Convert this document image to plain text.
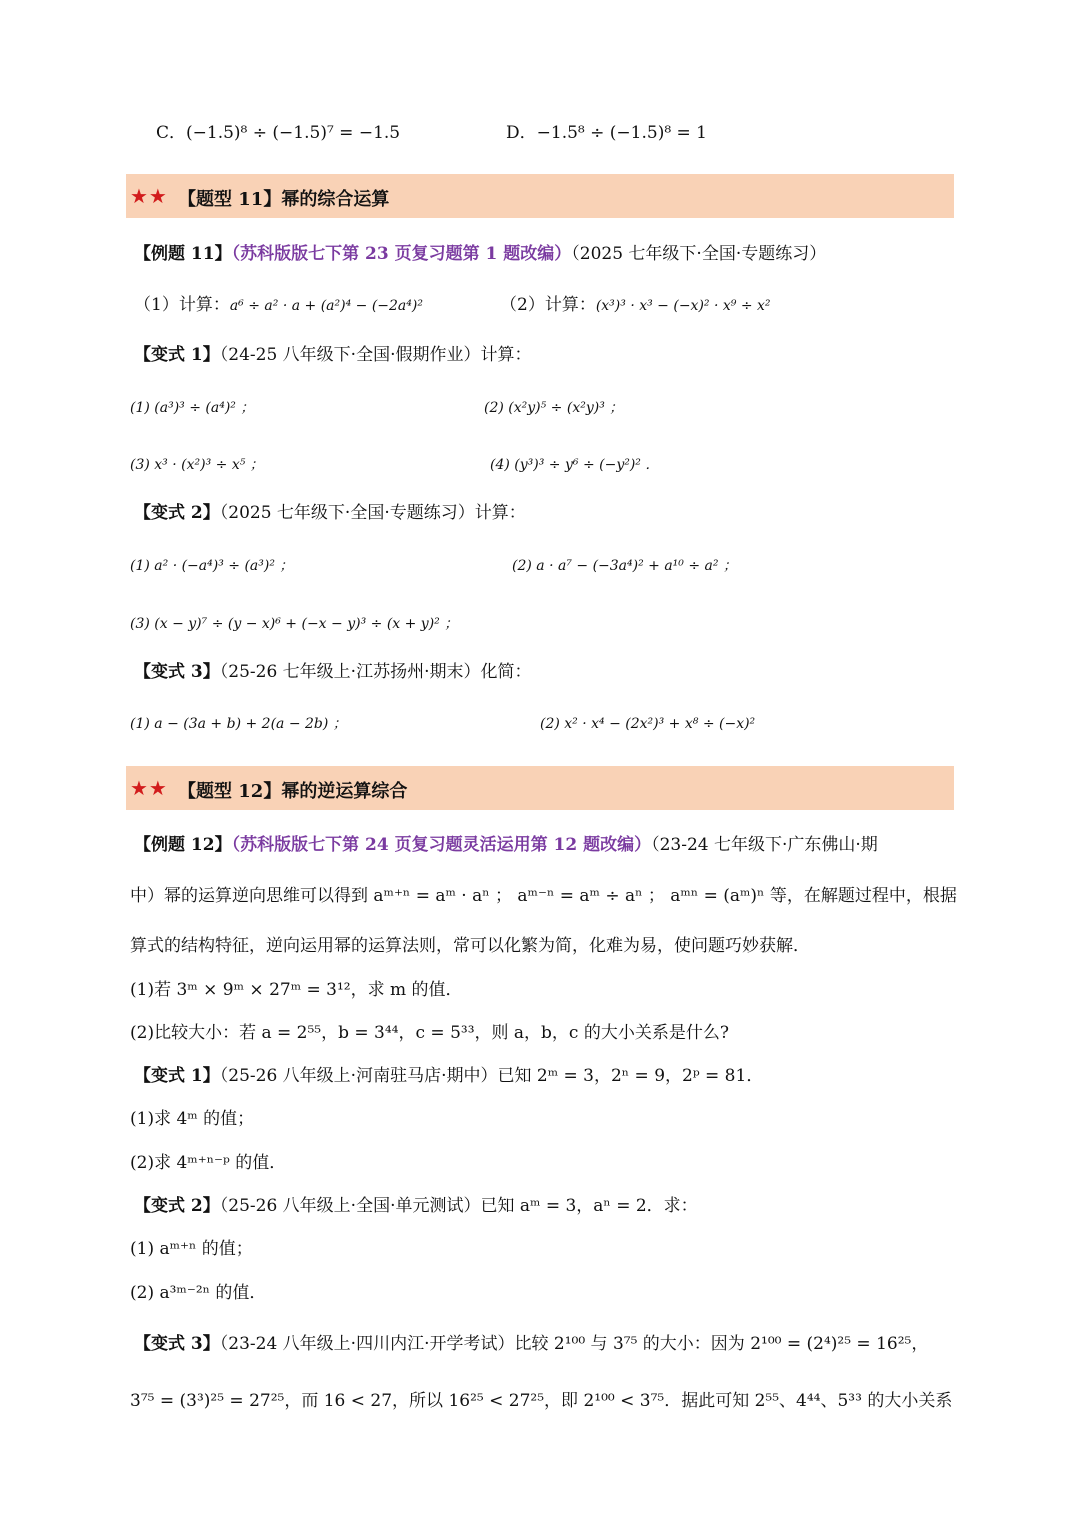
C．(−1.5)⁸ ÷ (−1.5)⁷ = −1.5	D．−1.5⁸ ÷ (−1.5)⁸ = 1
★★ 【题型 11】幂的综合运算
【例题 11】（苏科版版七下第 23 页复习题第 1 题改编）（2025 七年级下·全国·专题练习）
（1）计算：a⁶ ÷ a² · a + (a²)⁴ − (−2a⁴)²	（2）计算：(x³)³ · x³ − (−x)² · x⁹ ÷ x²
【变式 1】（24-25 八年级下·全国·假期作业）计算：
(1) (a³)³ ÷ (a⁴)² ；	(2) (x²y)⁵ ÷ (x²y)³ ；
(3) x³ · (x²)³ ÷ x⁵ ；	(4) (y³)³ ÷ y⁶ ÷ (−y²)² ．
【变式 2】（2025 七年级下·全国·专题练习）计算：
(1) a² · (−a⁴)³ ÷ (a³)² ；	(2) a · a⁷ − (−3a⁴)² + a¹⁰ ÷ a² ；
(3) (x − y)⁷ ÷ (y − x)⁶ + (−x − y)³ ÷ (x + y)² ；
【变式 3】（25-26 七年级上·江苏扬州·期末）化简：
(1) a − (3a + b) + 2(a − 2b) ；	(2) x² · x⁴ − (2x²)³ + x⁸ ÷ (−x)²
★★ 【题型 12】幂的逆运算综合
【例题 12】（苏科版版七下第 24 页复习题灵活运用第 12 题改编）（23-24 七年级下·广东佛山·期
中）幂的运算逆向思维可以得到 aᵐ⁺ⁿ = aᵐ · aⁿ ； aᵐ⁻ⁿ = aᵐ ÷ aⁿ ； aᵐⁿ = (aᵐ)ⁿ 等，在解题过程中，根据
算式的结构特征，逆向运用幂的运算法则，常可以化繁为简，化难为易，使问题巧妙获解．
(1)若 3ᵐ × 9ᵐ × 27ᵐ = 3¹²，求 m 的值．
(2)比较大小：若 a = 2⁵⁵，b = 3⁴⁴，c = 5³³，则 a，b，c 的大小关系是什么?
【变式 1】（25-26 八年级上·河南驻马店·期中）已知 2ᵐ = 3，2ⁿ = 9，2ᵖ = 81．
(1)求 4ᵐ 的值；
(2)求 4ᵐ⁺ⁿ⁻ᵖ 的值．
【变式 2】（25-26 八年级上·全国·单元测试）已知 aᵐ = 3，aⁿ = 2．求：
(1) aᵐ⁺ⁿ 的值；
(2) a³ᵐ⁻²ⁿ 的值．
【变式 3】（23-24 八年级上·四川内江·开学考试）比较 2¹⁰⁰ 与 3⁷⁵ 的大小：因为 2¹⁰⁰ = (2⁴)²⁵ = 16²⁵，
3⁷⁵ = (3³)²⁵ = 27²⁵，而 16 < 27，所以 16²⁵ < 27²⁵，即 2¹⁰⁰ < 3⁷⁵．据此可知 2⁵⁵、4⁴⁴、5³³ 的大小关系
